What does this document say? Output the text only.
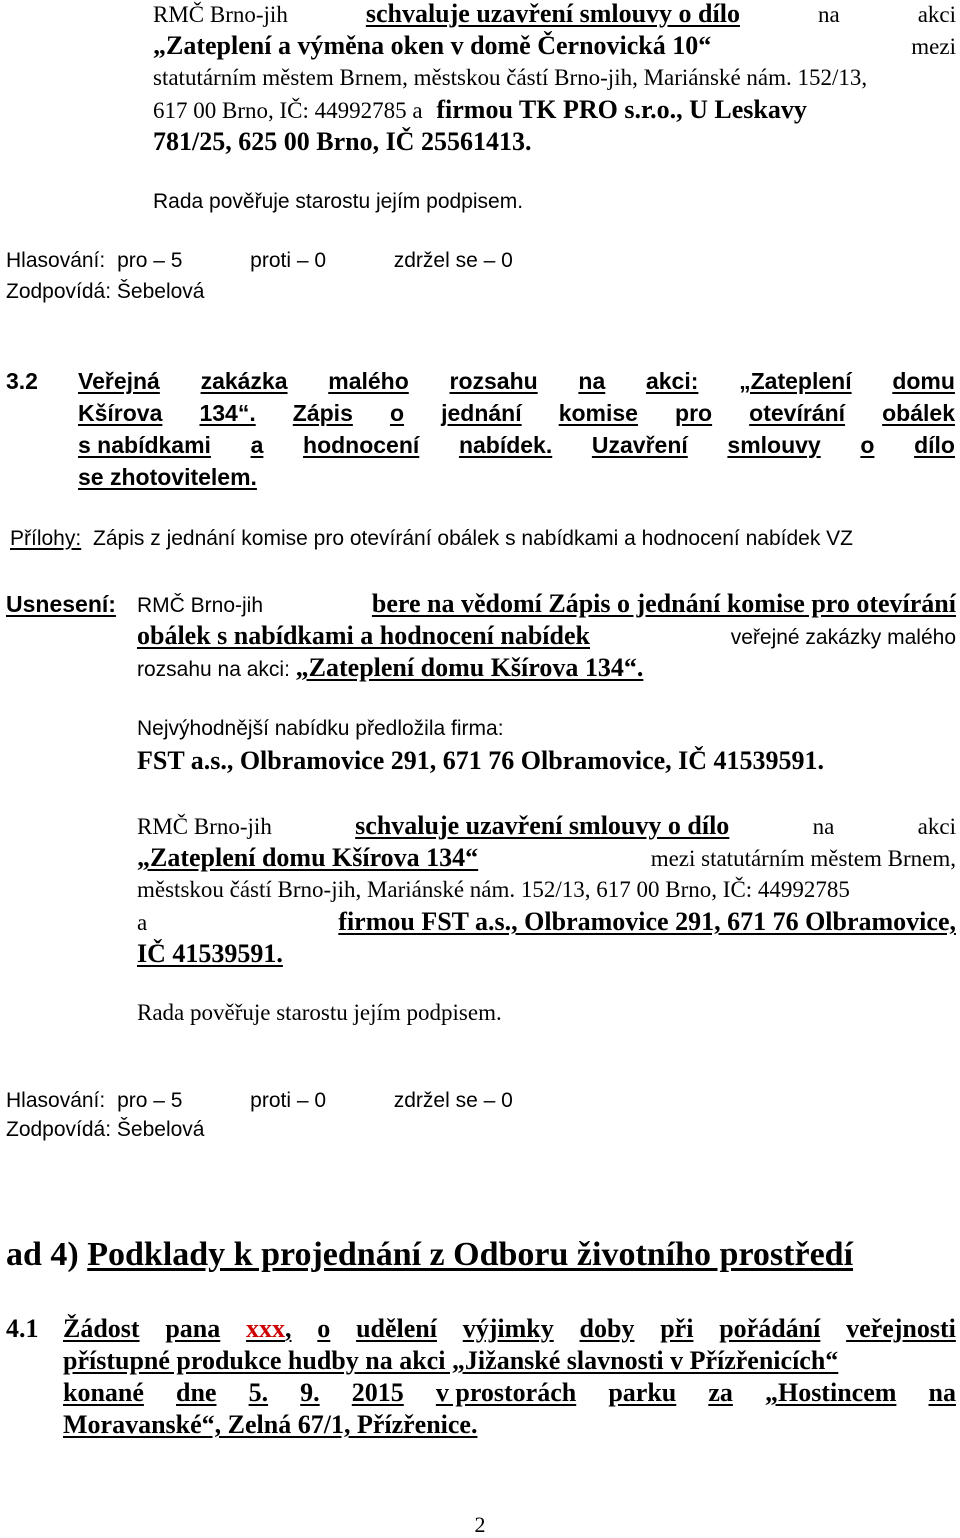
RMČ Brno-jih	schvaluje uzavření smlouvy o dílo	na	akci
„Zateplení a výměna oken v domě Černovická 10“	mezi
statutárním městem Brnem, městskou částí Brno-jih, Mariánské nám. 152/13,
617 00 Brno, IČ: 44992785 a firmou TK PRO s.r.o., U Leskavy
781/25, 625 00 Brno, IČ 25561413.
Rada pověřuje starostu jejím podpisem.
Hlasování: pro – 5	proti – 0	zdržel se – 0
Zodpovídá: Šebelová
3.2 Veřejná zakázka malého rozsahu na akci: „Zateplení domu
Kšírova 134“. Zápis o jednání komise pro otevírání obálek
s nabídkami a hodnocení nabídek. Uzavření smlouvy o dílo
se zhotovitelem.
Přílohy: Zápis z jednání komise pro otevírání obálek s nabídkami a hodnocení nabídek VZ
Usnesení: RMČ Brno-jih	bere na vědomí Zápis o jednání komise pro otevírání
obálek s nabídkami a hodnocení nabídek	veřejné zakázky malého
rozsahu na akci: „Zateplení domu Kšírova 134“.
Nejvýhodnější nabídku předložila firma:
FST a.s., Olbramovice 291, 671 76 Olbramovice, IČ 41539591.
RMČ Brno-jih	schvaluje uzavření smlouvy o dílo	na	akci
„Zateplení domu Kšírova 134“	mezi statutárním městem Brnem,
městskou částí Brno-jih, Mariánské nám. 152/13, 617 00 Brno, IČ: 44992785
a	firmou FST a.s., Olbramovice 291, 671 76 Olbramovice,
IČ 41539591.
Rada pověřuje starostu jejím podpisem.
Hlasování: pro – 5	proti – 0	zdržel se – 0
Zodpovídá: Šebelová
ad 4) Podklady k projednání z Odboru životního prostředí
4.1 Žádost pana xxx, o udělení výjimky doby při pořádání veřejnosti
přístupné produkce hudby na akci „Jižanské slavnosti v Přízřenicích“
konané dne 5. 9. 2015 v prostorách parku za „Hostincem na
Moravanské“, Zelná 67/1, Přízřenice.
2
